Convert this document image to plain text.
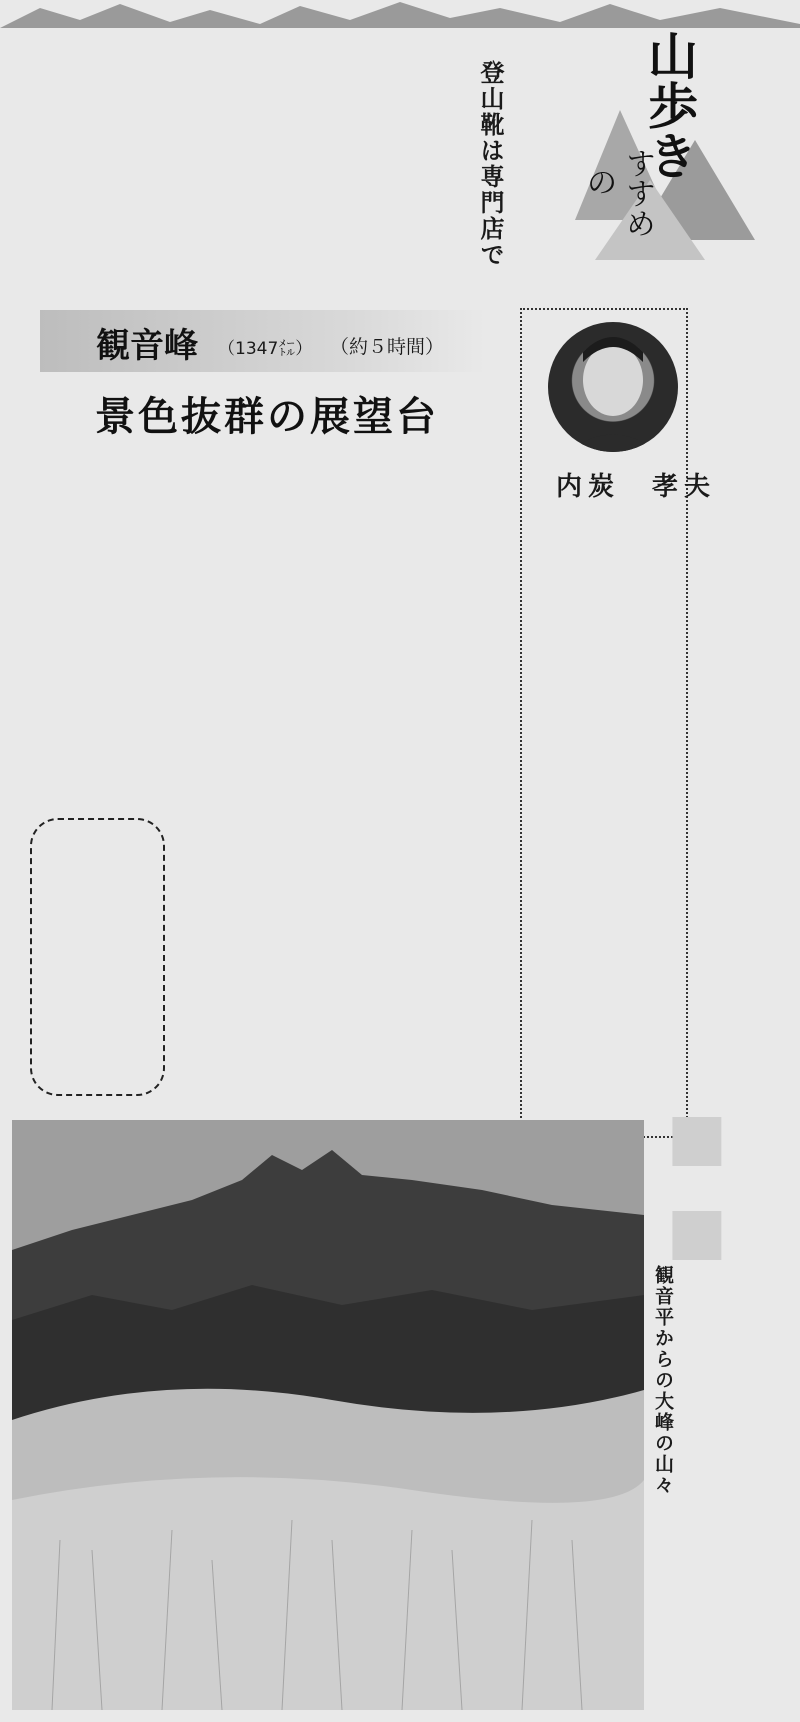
山歩き
の すすめ
登山靴は専門店で
観音峰 （1347㍍） （約５時間）
景色抜群の展望台
内炭　孝夫
■■
観音平からの大峰の山々
